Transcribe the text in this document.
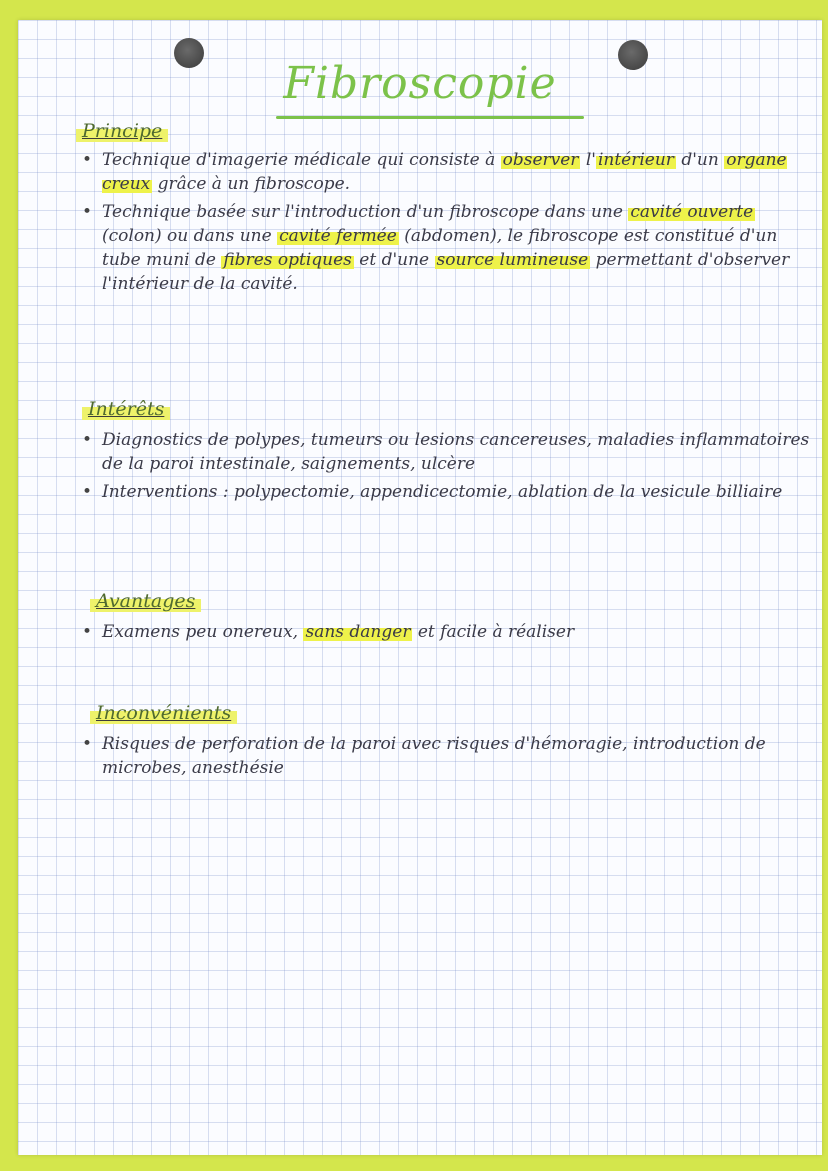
Fibroscopie
Principe
• Technique d'imagerie médicale qui consiste à observer l' intérieur d'un organe creux grâce à un fibroscope.
• Technique basée sur l'introduction d'un fibroscope dans une cavité ouverte (colon) ou dans une cavité fermée (abdomen), le fibroscope est constitué d'un tube muni de fibres optiques et d'une source lumineuse permettant d'observer l'intérieur de la cavité.
Intérêts
• Diagnostics de polypes, tumeurs ou lesions cancereuses, maladies inflammatoires de la paroi intestinale, saignements, ulcère
• Interventions : polypectomie, appendicectomie, ablation de la vesicule billiaire
Avantages
• Examens peu onereux, sans danger et facile à réaliser
Inconvénients
• Risques de perforation de la paroi avec risques d'hémoragie, introduction de microbes, anesthésie
